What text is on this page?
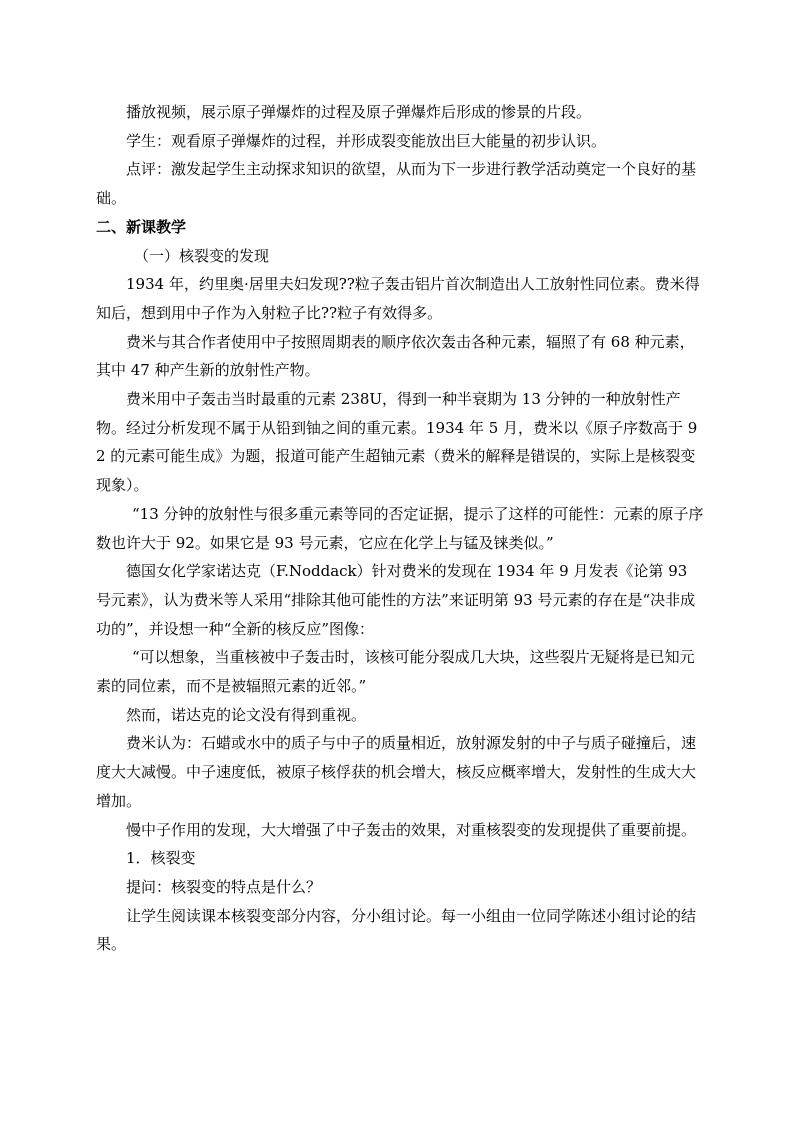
播放视频，展示原子弹爆炸的过程及原子弹爆炸后形成的惨景的片段。

学生：观看原子弹爆炸的过程，并形成裂变能放出巨大能量的初步认识。

点评：激发起学生主动探求知识的欲望，从而为下一步进行教学活动奠定一个良好的基础。

二、新课教学

（一）核裂变的发现

1934 年，约里奥·居里夫妇发现??粒子轰击铝片首次制造出人工放射性同位素。费米得知后，想到用中子作为入射粒子比??粒子有效得多。

费米与其合作者使用中子按照周期表的顺序依次轰击各种元素，辐照了有 68 种元素，其中 47 种产生新的放射性产物。

费米用中子轰击当时最重的元素 238U，得到一种半衰期为 13 分钟的一种放射性产物。经过分析发现不属于从铅到铀之间的重元素。1934 年 5 月，费米以《原子序数高于 92 的元素可能生成》为题，报道可能产生超铀元素（费米的解释是错误的，实际上是核裂变现象）。

“13 分钟的放射性与很多重元素等同的否定证据，提示了这样的可能性：元素的原子序数也许大于 92。如果它是 93 号元素，它应在化学上与锰及铼类似。”

德国女化学家诺达克（F.Noddack）针对费米的发现在 1934 年 9 月发表《论第 93 号元素》，认为费米等人采用“排除其他可能性的方法”来证明第 93 号元素的存在是“决非成功的”，并设想一种“全新的核反应”图像：

“可以想象，当重核被中子轰击时，该核可能分裂成几大块，这些裂片无疑将是已知元素的同位素，而不是被辐照元素的近邻。”

然而，诺达克的论文没有得到重视。

费米认为：石蜡或水中的质子与中子的质量相近，放射源发射的中子与质子碰撞后，速度大大减慢。中子速度低，被原子核俘获的机会增大，核反应概率增大，发射性的生成大大增加。

慢中子作用的发现，大大增强了中子轰击的效果，对重核裂变的发现提供了重要前提。

1．核裂变

提问：核裂变的特点是什么？

让学生阅读课本核裂变部分内容，分小组讨论。每一小组由一位同学陈述小组讨论的结果。
